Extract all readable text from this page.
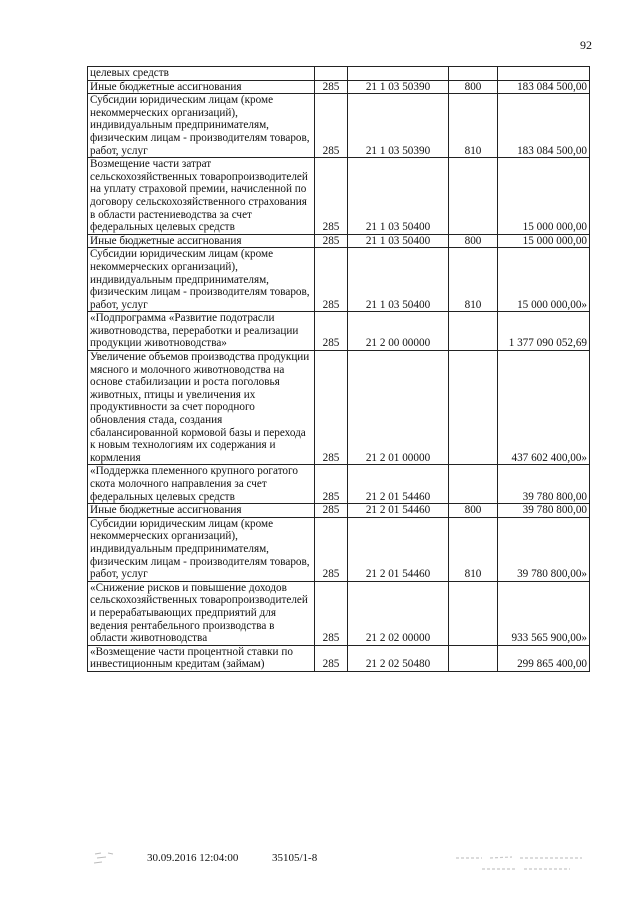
92
целевых средств				
Иные бюджетные ассигнования	285	21 1 03 50390	800	183 084 500,00
Субсидии юридическим лицам (кроме некоммерческих организаций), индивидуальным предпринимателям, физическим лицам - производителям товаров, работ, услуг	285	21 1 03 50390	810	183 084 500,00
Возмещение части затрат сельскохозяйственных товаропроизводителей на уплату страховой премии, начисленной по договору сельскохозяйственного страхования в области растениеводства за счет федеральных целевых средств	285	21 1 03 50400		15 000 000,00
Иные бюджетные ассигнования	285	21 1 03 50400	800	15 000 000,00
Субсидии юридическим лицам (кроме некоммерческих организаций), индивидуальным предпринимателям, физическим лицам - производителям товаров, работ, услуг	285	21 1 03 50400	810	15 000 000,00»
«Подпрограмма «Развитие подотрасли животноводства, переработки и реализации продукции животноводства»	285	21 2 00 00000		1 377 090 052,69
Увеличение объемов производства продукции мясного и молочного животноводства на основе стабилизации и роста поголовья животных, птицы и увеличения их продуктивности за счет породного обновления стада, создания сбалансированной кормовой базы и перехода к новым технологиям их содержания и кормления	285	21 2 01 00000		437 602 400,00»
«Поддержка племенного крупного рогатого скота молочного направления за счет федеральных целевых средств	285	21 2 01 54460		39 780 800,00
Иные бюджетные ассигнования	285	21 2 01 54460	800	39 780 800,00
Субсидии юридическим лицам (кроме некоммерческих организаций), индивидуальным предпринимателям, физическим лицам - производителям товаров, работ, услуг	285	21 2 01 54460	810	39 780 800,00»
«Снижение рисков и повышение доходов сельскохозяйственных товаропроизводителей и перерабатывающих предприятий для ведения рентабельного производства в области животноводства	285	21 2 02 00000		933 565 900,00»
«Возмещение части процентной ставки по инвестиционным кредитам (займам)	285	21 2 02 50480		299 865 400,00
30.09.2016 12:04:00	35105/1-8
